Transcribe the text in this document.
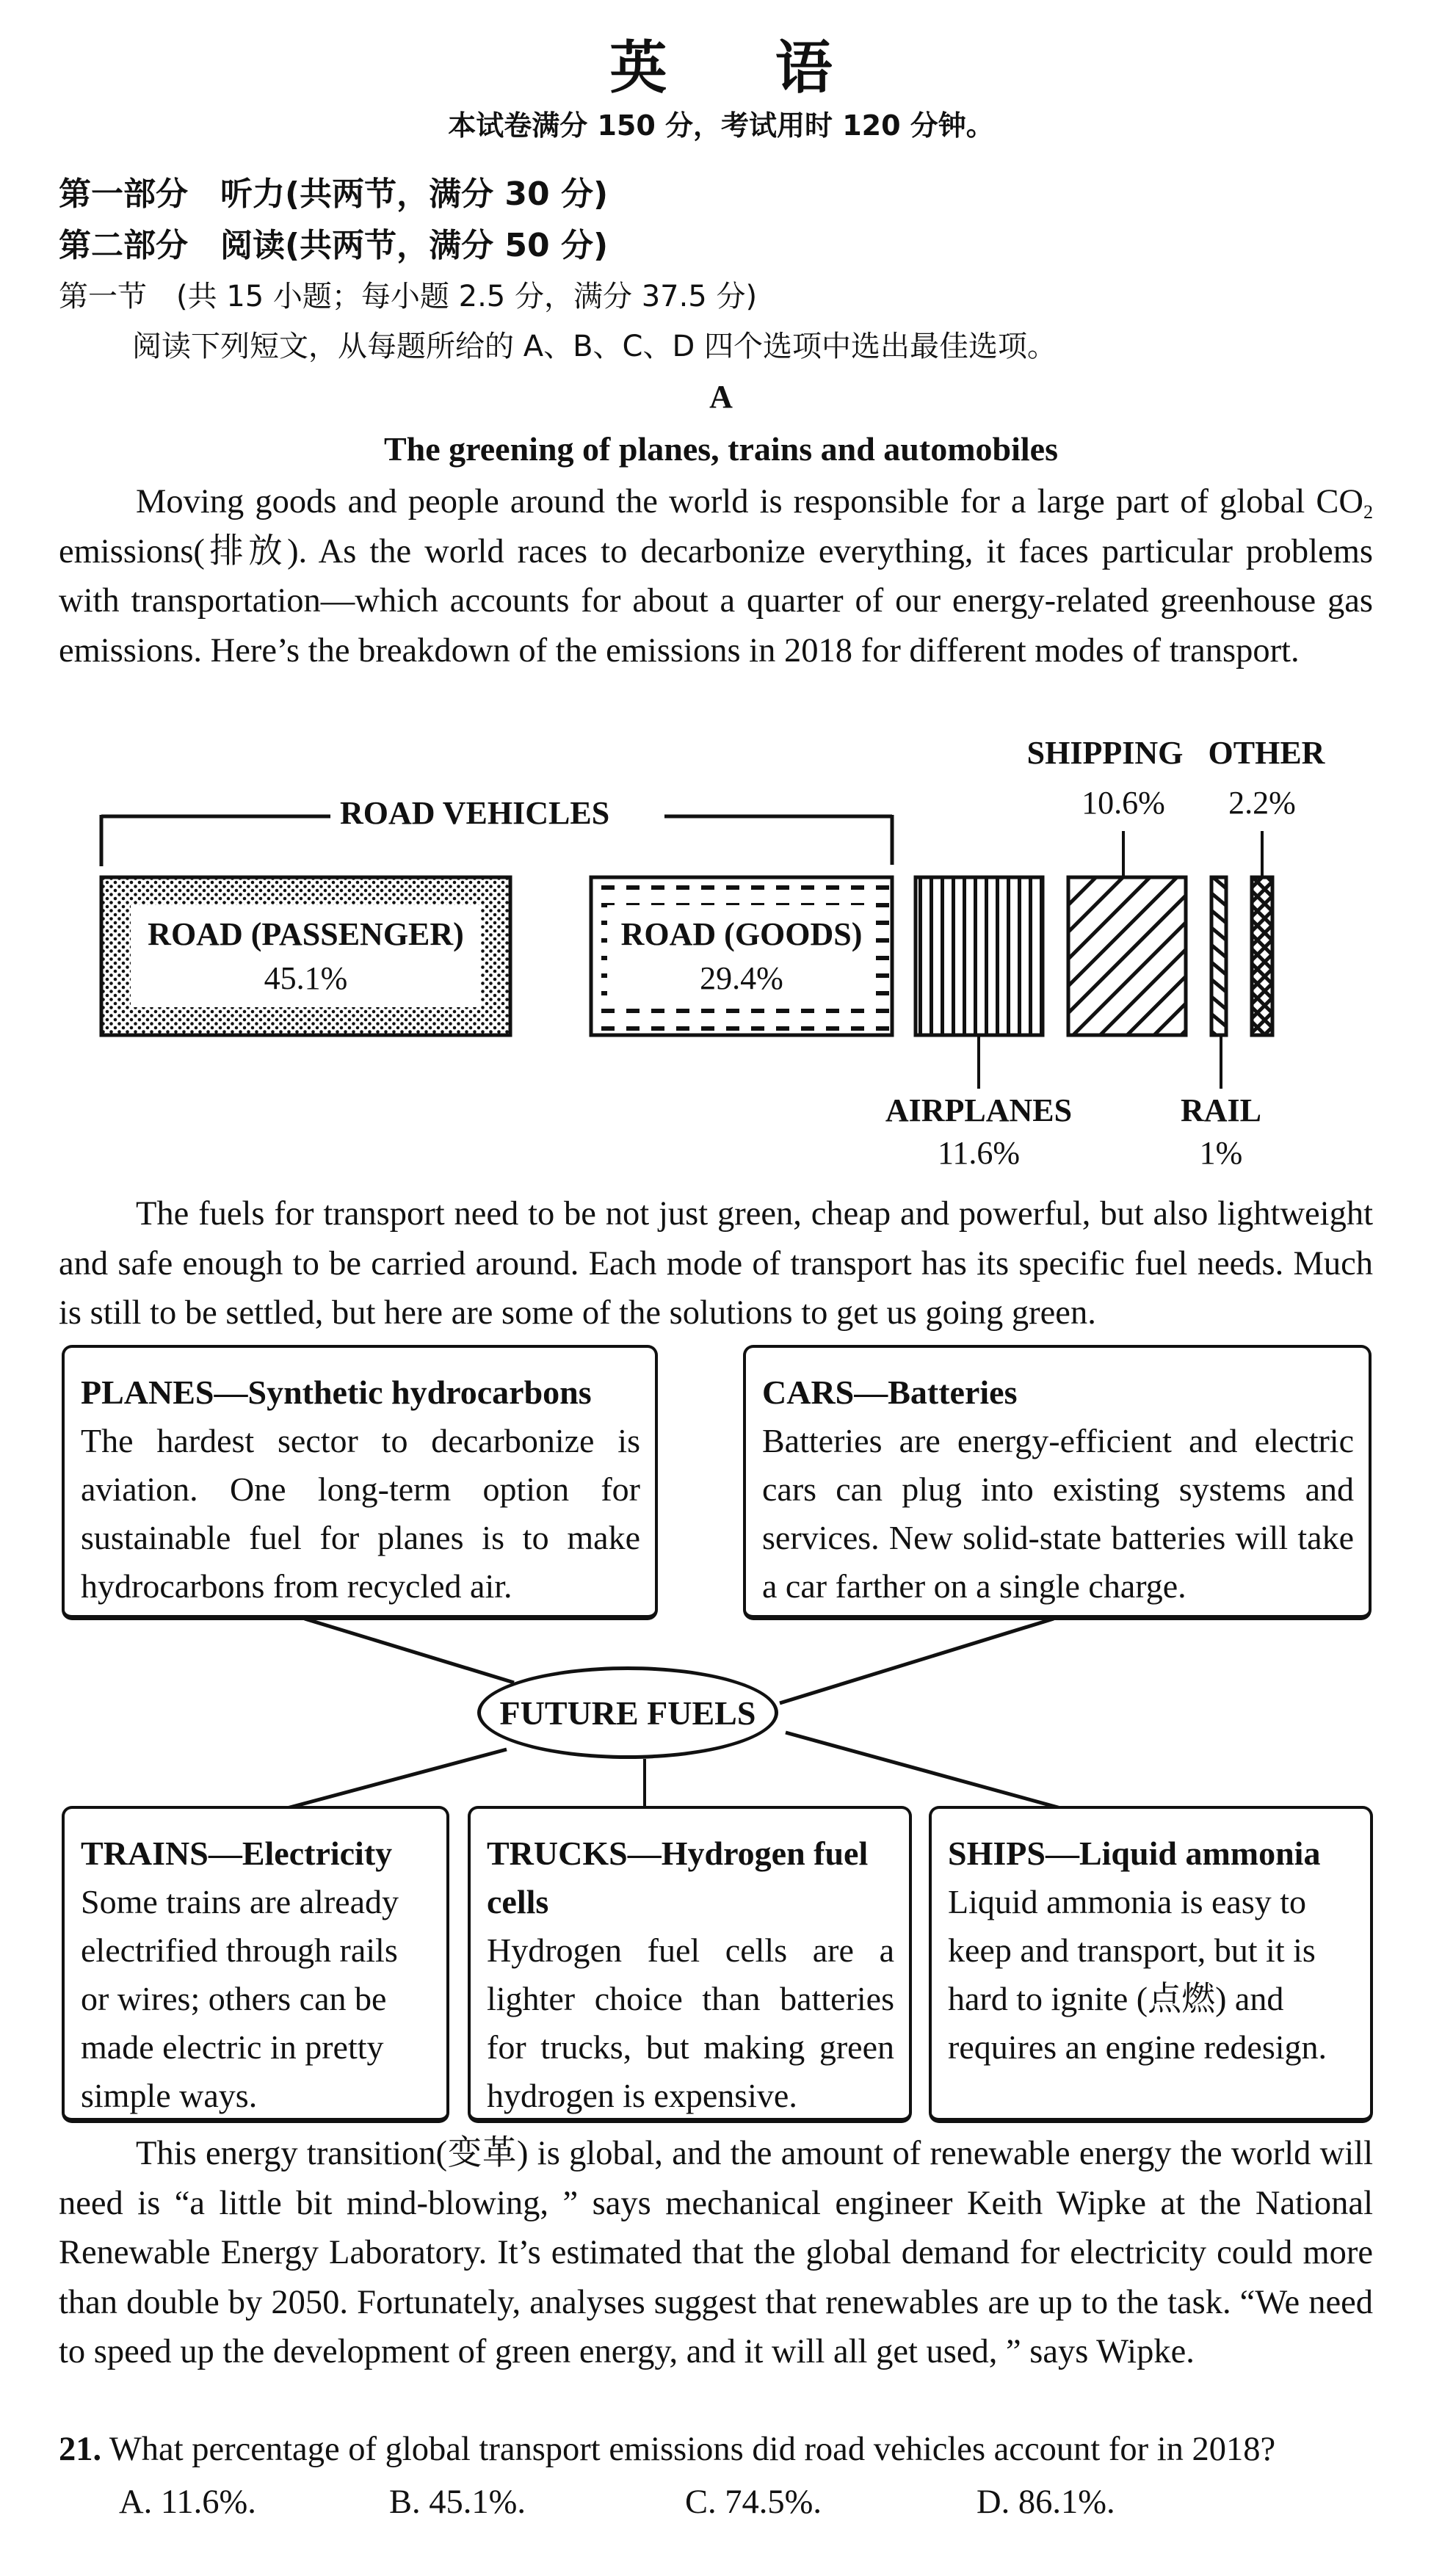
英 语
本试卷满分 150 分，考试用时 120 分钟。
第一部分　听力(共两节，满分 30 分)
第二部分　阅读(共两节，满分 50 分)
第一节　(共 15 小题；每小题 2.5 分，满分 37.5 分)
阅读下列短文，从每题所给的 A、B、C、D 四个选项中选出最佳选项。
A
The greening of planes, trains and automobiles
Moving goods and people around the world is responsible for a large part of global $CO_2$ emissions(排放). As the world races to decarbonize everything, it faces particular problems with transportation—which accounts for about a quarter of our energy-related greenhouse gas emissions. Here’s the breakdown of the emissions in 2018 for different modes of transport.
ROAD VEHICLES
ROAD (PASSENGER)
45.1%
ROAD (GOODS)
29.4%
AIRPLANES
11.6%
SHIPPING
10.6%
RAIL
1%
OTHER
2.2%
The fuels for transport need to be not just green, cheap and powerful, but also lightweight and safe enough to be carried around. Each mode of transport has its specific fuel needs. Much is still to be settled, but here are some of the solutions to get us going green.
PLANES—Synthetic hydrocarbons
The hardest sector to decarbonize is aviation. One long-term option for sustainable fuel for planes is to make hydrocarbons from recycled air.
CARS—Batteries
Batteries are energy-efficient and electric cars can plug into existing systems and services. New solid-state batteries will take a car farther on a single charge.
FUTURE FUELS
TRAINS—Electricity
Some trains are already electrified through rails or wires; others can be made electric in pretty simple ways.
TRUCKS—Hydrogen fuel cells
Hydrogen fuel cells are a lighter choice than batteries for trucks, but making green hydrogen is expensive.
SHIPS—Liquid ammonia
Liquid ammonia is easy to keep and transport, but it is hard to ignite (点燃) and requires an engine redesign.
This energy transition(变革) is global, and the amount of renewable energy the world will need is “a little bit mind-blowing, ” says mechanical engineer Keith Wipke at the National Renewable Energy Laboratory. It’s estimated that the global demand for electricity could more than double by 2050. Fortunately, analyses suggest that renewables are up to the task. “We need to speed up the development of green energy, and it will all get used, ” says Wipke.
21. What percentage of global transport emissions did road vehicles account for in 2018?
A. 11.6%.	B. 45.1%.	C. 74.5%.	D. 86.1%.
